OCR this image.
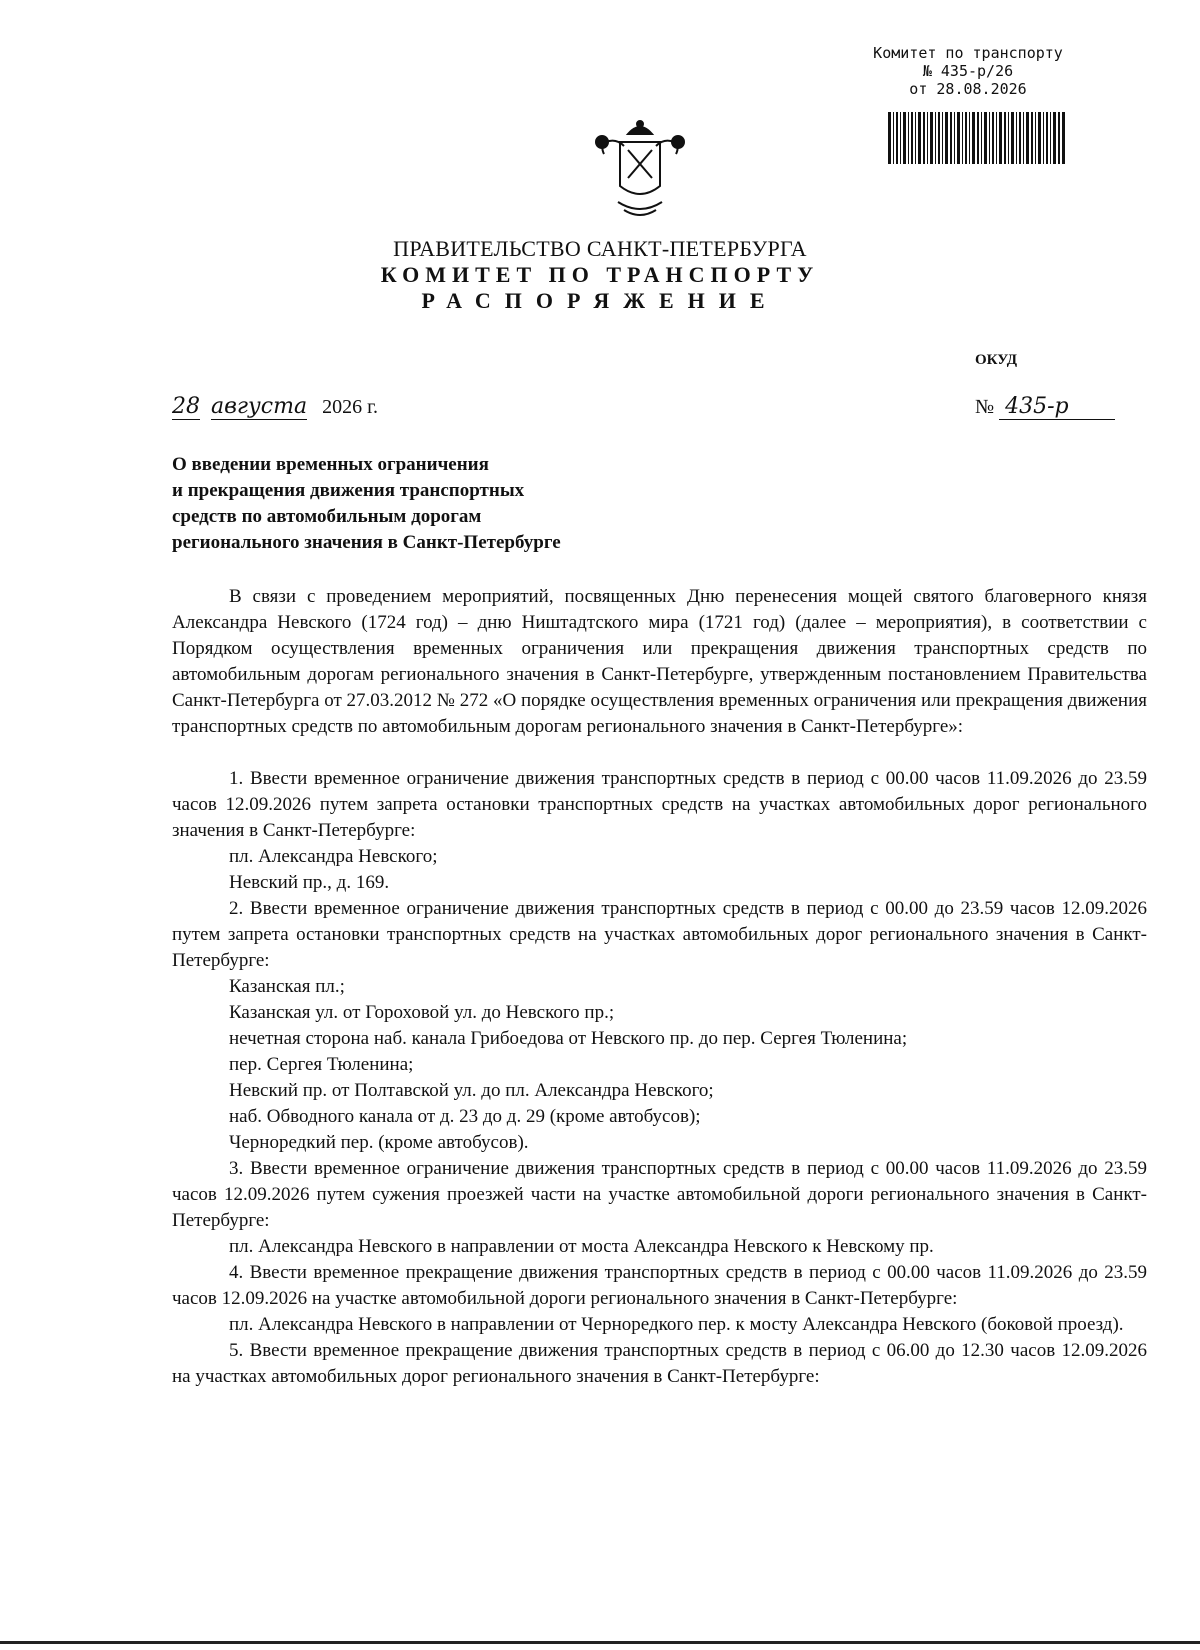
Комитет по транспорту
№ 435-р/26
от 28.08.2026
ПРАВИТЕЛЬСТВО САНКТ-ПЕТЕРБУРГА
КОМИТЕТ ПО ТРАНСПОРТУ
РАСПОРЯЖЕНИЕ
ОКУД
28 августа 2026 г.	№ 435-р
О введении временных ограничения
и прекращения движения транспортных
средств по автомобильным дорогам
регионального значения в Санкт-Петербурге

В связи с проведением мероприятий, посвященных Дню перенесения мощей святого благоверного князя Александра Невского (1724 год) – дню Ништадтского мира (1721 год) (далее – мероприятия), в соответствии с Порядком осуществления временных ограничения или прекращения движения транспортных средств по автомобильным дорогам регионального значения в Санкт-Петербурге, утвержденным постановлением Правительства Санкт-Петербурга от 27.03.2012 № 272 «О порядке осуществления временных ограничения или прекращения движения транспортных средств по автомобильным дорогам регионального значения в Санкт-Петербурге»:

1. Ввести временное ограничение движения транспортных средств в период с 00.00 часов 11.09.2026 до 23.59 часов 12.09.2026 путем запрета остановки транспортных средств на участках автомобильных дорог регионального значения в Санкт-Петербурге:

пл. Александра Невского;

Невский пр., д. 169.

2. Ввести временное ограничение движения транспортных средств в период с 00.00 до 23.59 часов 12.09.2026 путем запрета остановки транспортных средств на участках автомобильных дорог регионального значения в Санкт-Петербурге:

Казанская пл.;

Казанская ул. от Гороховой ул. до Невского пр.;

нечетная сторона наб. канала Грибоедова от Невского пр. до пер. Сергея Тюленина;

пер. Сергея Тюленина;

Невский пр. от Полтавской ул. до пл. Александра Невского;

наб. Обводного канала от д. 23 до д. 29 (кроме автобусов);

Черноредкий пер. (кроме автобусов).

3. Ввести временное ограничение движения транспортных средств в период с 00.00 часов 11.09.2026 до 23.59 часов 12.09.2026 путем сужения проезжей части на участке автомобильной дороги регионального значения в Санкт-Петербурге:

пл. Александра Невского в направлении от моста Александра Невского к Невскому пр.

4. Ввести временное прекращение движения транспортных средств в период с 00.00 часов 11.09.2026 до 23.59 часов 12.09.2026 на участке автомобильной дороги регионального значения в Санкт-Петербурге:

пл. Александра Невского в направлении от Черноредкого пер. к мосту Александра Невского (боковой проезд).

5. Ввести временное прекращение движения транспортных средств в период с 06.00 до 12.30 часов 12.09.2026 на участках автомобильных дорог регионального значения в Санкт-Петербурге:
